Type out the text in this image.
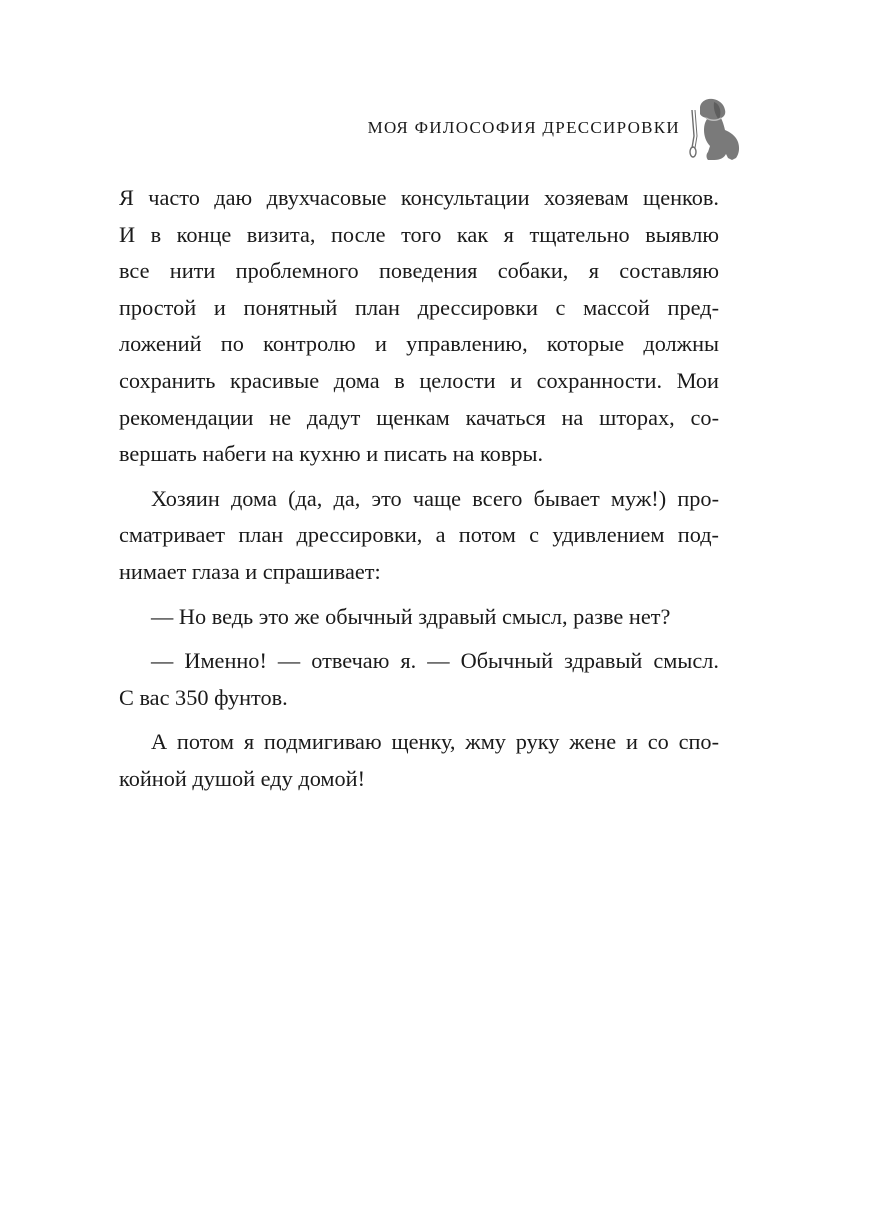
МОЯ ФИЛОСОФИЯ ДРЕССИРОВКИ
Я часто даю двухчасовые консультации хозяевам щенков.
И в конце визита, после того как я тщательно выявлю
все нити проблемного поведения собаки, я составляю
простой и понятный план дрессировки с массой пред-
ложений по контролю и управлению, которые должны
сохранить красивые дома в целости и сохранности. Мои
рекомендации не дадут щенкам качаться на шторах, со-
вершать набеги на кухню и писать на ковры.
Хозяин дома (да, да, это чаще всего бывает муж!) про-
сматривает план дрессировки, а потом с удивлением под-
нимает глаза и спрашивает:
— Но ведь это же обычный здравый смысл, разве нет?
— Именно! — отвечаю я. — Обычный здравый смысл.
С вас 350 фунтов.
А потом я подмигиваю щенку, жму руку жене и со спо-
койной душой еду домой!
